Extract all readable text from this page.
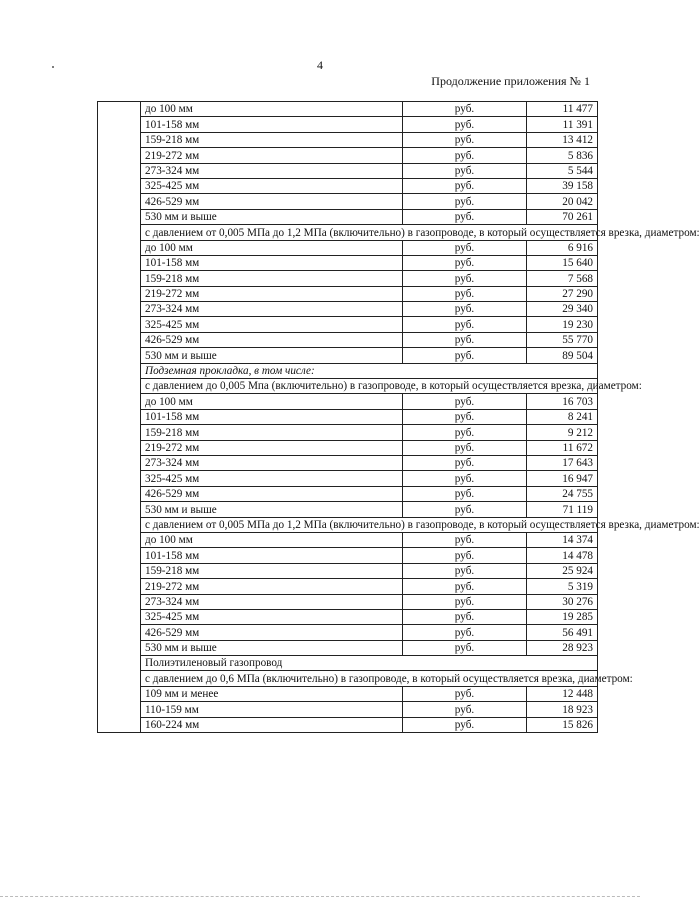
4
Продолжение приложения № 1
	до 100 мм	руб.	11 477
	101-158 мм	руб.	11 391
	159-218 мм	руб.	13 412
	219-272 мм	руб.	5 836
	273-324 мм	руб.	5 544
	325-425 мм	руб.	39 158
	426-529 мм	руб.	20 042
	530 мм и выше	руб.	70 261
	с давлением от 0,005 МПа до 1,2 МПа (включительно) в газопроводе, в который осуществляется врезка, диаметром:		
	до 100 мм	руб.	6 916
	101-158 мм	руб.	15 640
	159-218 мм	руб.	7 568
	219-272 мм	руб.	27 290
	273-324 мм	руб.	29 340
	325-425 мм	руб.	19 230
	426-529 мм	руб.	55 770
	530 мм и выше	руб.	89 504
	Подземная прокладка, в том числе:		
	с давлением до 0,005 Мпа (включительно) в газопроводе, в который осуществляется врезка, диаметром:		
	до 100 мм	руб.	16 703
	101-158 мм	руб.	8 241
	159-218 мм	руб.	9 212
	219-272 мм	руб.	11 672
	273-324 мм	руб.	17 643
	325-425 мм	руб.	16 947
	426-529 мм	руб.	24 755
	530 мм и выше	руб.	71 119
	с давлением от 0,005 МПа до 1,2 МПа (включительно) в газопроводе, в который осуществляется врезка, диаметром:		
	до 100 мм	руб.	14 374
	101-158 мм	руб.	14 478
	159-218 мм	руб.	25 924
	219-272 мм	руб.	5 319
	273-324 мм	руб.	30 276
	325-425 мм	руб.	19 285
	426-529 мм	руб.	56 491
	530 мм и выше	руб.	28 923
	Полиэтиленовый газопровод		
	с давлением до 0,6 МПа (включительно) в газопроводе, в который осуществляется врезка, диаметром:		
	109 мм и менее	руб.	12 448
	110-159 мм	руб.	18 923
	160-224 мм	руб.	15 826
